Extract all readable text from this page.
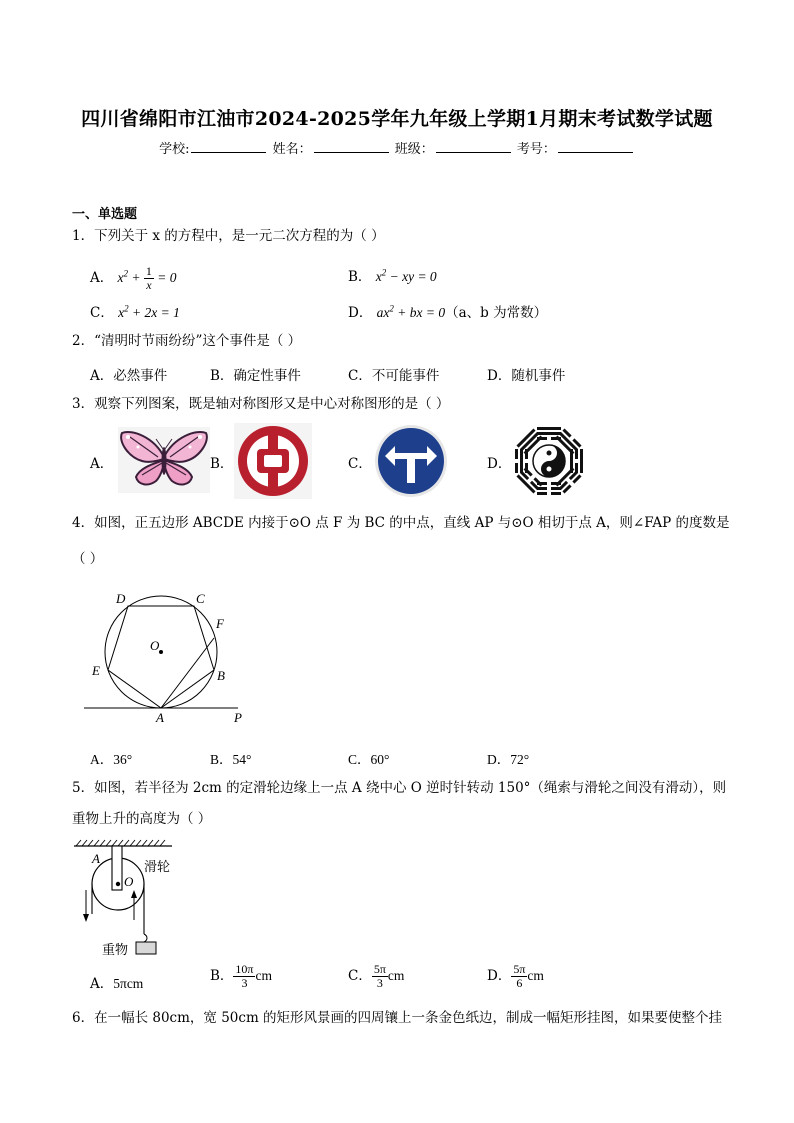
四川省绵阳市江油市2024-2025学年九年级上学期1月期末考试数学试题
学校:	姓名：	班级：	考号：
一、单选题
1．下列关于 x 的方程中，是一元二次方程的为（ ）
A． $x^2 + \frac{1}{x} = 0$	B． $x^2$ − xy = 0
C． $x^2 + 2x = 1$	D． $ax^2$ + bx = 0（a、b 为常数）
2．“清明时节雨纷纷”这个事件是（ ）
A．必然事件	B．确定性事件	C．不可能事件	D．随机事件
3．观察下列图案，既是轴对称图形又是中心对称图形的是（ ）
A．	B．	C．	D．
4．如图，正五边形 ABCDE 内接于⊙O 点 F 为 BC 的中点，直线 AP 与⊙O 相切于点 A，则∠FAP 的度数是
（ ）
D	C
F
O
E	B
A	P
A．36°	B．54°	C．60°	D．72°
5．如图，若半径为 2cm 的定滑轮边缘上一点 A 绕中心 O 逆时针转动 150°（绳索与滑轮之间没有滑动），则
重物上升的高度为（ ）
A
O
滑轮
重物
A．5πcm	B． $\frac{10\pi}{3}$ cm	C． $\frac{5\pi}{3}$ cm	D． $\frac{5\pi}{6}$ cm
6．在一幅长 80cm，宽 50cm 的矩形风景画的四周镶上一条金色纸边，制成一幅矩形挂图，如果要使整个挂
